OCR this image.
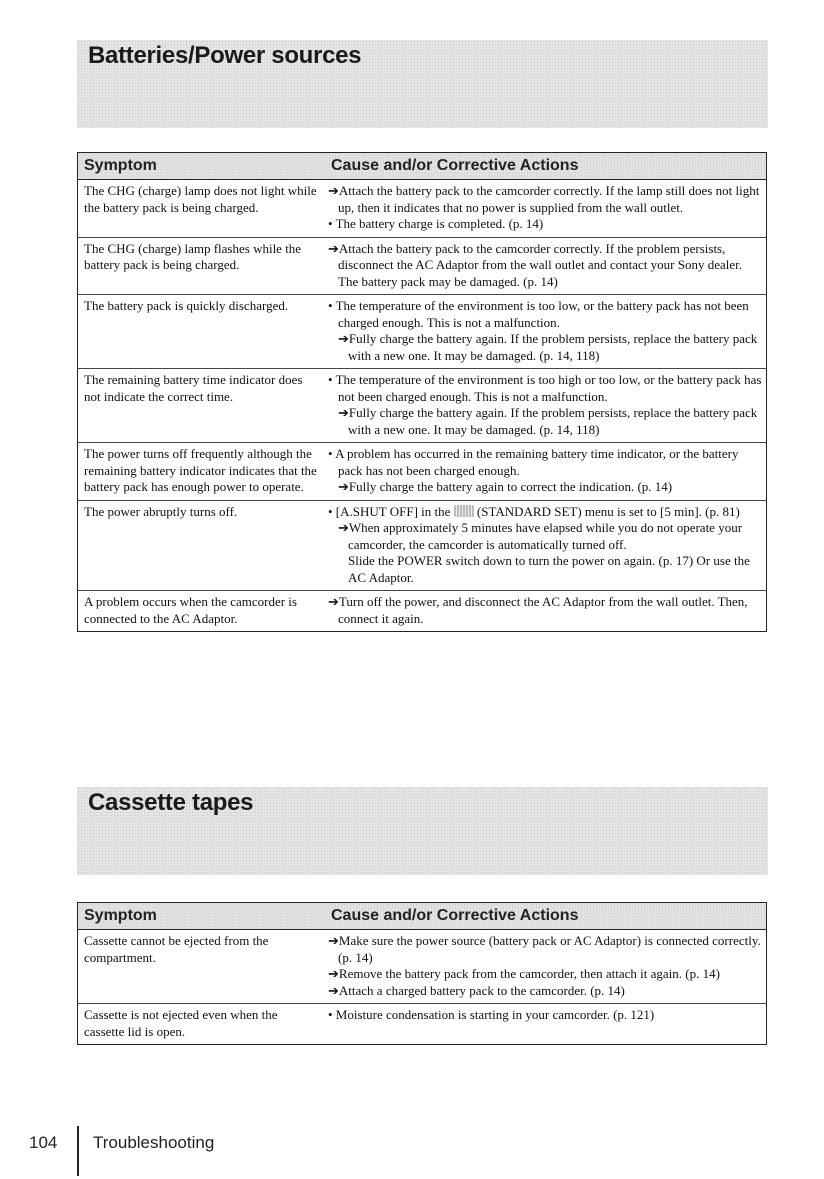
Batteries/Power sources
Symptom	Cause and/or Corrective Actions
The CHG (charge) lamp does not light while the battery pack is being charged.	➔Attach the battery pack to the camcorder correctly. If the lamp still does not light up, then it indicates that no power is supplied from the wall outlet.
• The battery charge is completed. (p. 14)

The CHG (charge) lamp flashes while the battery pack is being charged.	➔Attach the battery pack to the camcorder correctly. If the problem persists, disconnect the AC Adaptor from the wall outlet and contact your Sony dealer. The battery pack may be damaged. (p. 14)

The battery pack is quickly discharged.	• The temperature of the environment is too low, or the battery pack has not been charged enough. This is not a malfunction.
➔Fully charge the battery again. If the problem persists, replace the battery pack with a new one. It may be damaged. (p. 14, 118)

The remaining battery time indicator does not indicate the correct time.	• The temperature of the environment is too high or too low, or the battery pack has not been charged enough. This is not a malfunction.
➔Fully charge the battery again. If the problem persists, replace the battery pack with a new one. It may be damaged. (p. 14, 118)

The power turns off frequently although the remaining battery indicator indicates that the battery pack has enough power to operate.	• A problem has occurred in the remaining battery time indicator, or the battery pack has not been charged enough.
➔Fully charge the battery again to correct the indication. (p. 14)

The power abruptly turns off.	• [A.SHUT OFF] in the  (STANDARD SET) menu is set to [5 min]. (p. 81)
➔When approximately 5 minutes have elapsed while you do not operate your camcorder, the camcorder is automatically turned off.
Slide the POWER switch down to turn the power on again. (p. 17) Or use the AC Adaptor.

A problem occurs when the camcorder is connected to the AC Adaptor.	➔Turn off the power, and disconnect the AC Adaptor from the wall outlet. Then, connect it again.
Cassette tapes
Symptom	Cause and/or Corrective Actions
Cassette cannot be ejected from the compartment.	➔Make sure the power source (battery pack or AC Adaptor) is connected correctly. (p. 14)
➔Remove the battery pack from the camcorder, then attach it again. (p. 14)
➔Attach a charged battery pack to the camcorder. (p. 14)

Cassette is not ejected even when the cassette lid is open.	• Moisture condensation is starting in your camcorder. (p. 121)
104 Troubleshooting
